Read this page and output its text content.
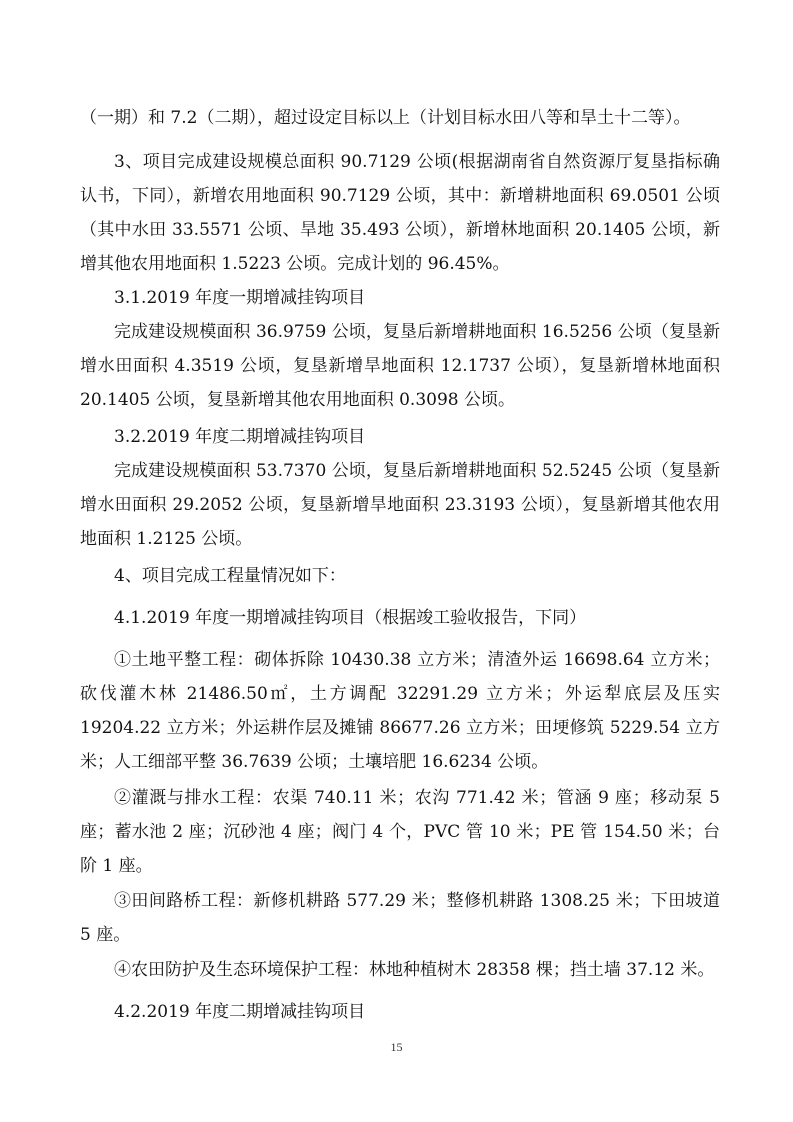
（一期）和 7.2（二期），超过设定目标以上（计划目标水田八等和旱土十二等）。

3、项目完成建设规模总面积 90.7129 公顷(根据湖南省自然资源厅复垦指标确认书，下同），新增农用地面积 90.7129 公顷，其中：新增耕地面积 69.0501 公顷（其中水田 33.5571 公顷、旱地 35.493 公顷），新增林地面积 20.1405 公顷，新增其他农用地面积 1.5223 公顷。完成计划的 96.45%。

3.1.2019 年度一期增减挂钩项目

完成建设规模面积 36.9759 公顷，复垦后新增耕地面积 16.5256 公顷（复垦新增水田面积 4.3519 公顷，复垦新增旱地面积 12.1737 公顷），复垦新增林地面积 20.1405 公顷，复垦新增其他农用地面积 0.3098 公顷。

3.2.2019 年度二期增减挂钩项目

完成建设规模面积 53.7370 公顷，复垦后新增耕地面积 52.5245 公顷（复垦新增水田面积 29.2052 公顷，复垦新增旱地面积 23.3193 公顷），复垦新增其他农用地面积 1.2125 公顷。

4、项目完成工程量情况如下：

4.1.2019 年度一期增减挂钩项目（根据竣工验收报告，下同）

①土地平整工程：砌体拆除 10430.38 立方米；清渣外运 16698.64 立方米；砍伐灌木林 21486.50㎡，土方调配 32291.29 立方米；外运犁底层及压实 19204.22 立方米；外运耕作层及摊铺 86677.26 立方米；田埂修筑 5229.54 立方米；人工细部平整 36.7639 公顷；土壤培肥 16.6234 公顷。

②灌溉与排水工程：农渠 740.11 米；农沟 771.42 米；管涵 9 座；移动泵 5 座；蓄水池 2 座；沉砂池 4 座；阀门 4 个，PVC 管 10 米；PE 管 154.50 米；台阶 1 座。

③田间路桥工程：新修机耕路 577.29 米；整修机耕路 1308.25 米；下田坡道 5 座。

④农田防护及生态环境保护工程：林地种植树木 28358 棵；挡土墙 37.12 米。

4.2.2019 年度二期增减挂钩项目

15
